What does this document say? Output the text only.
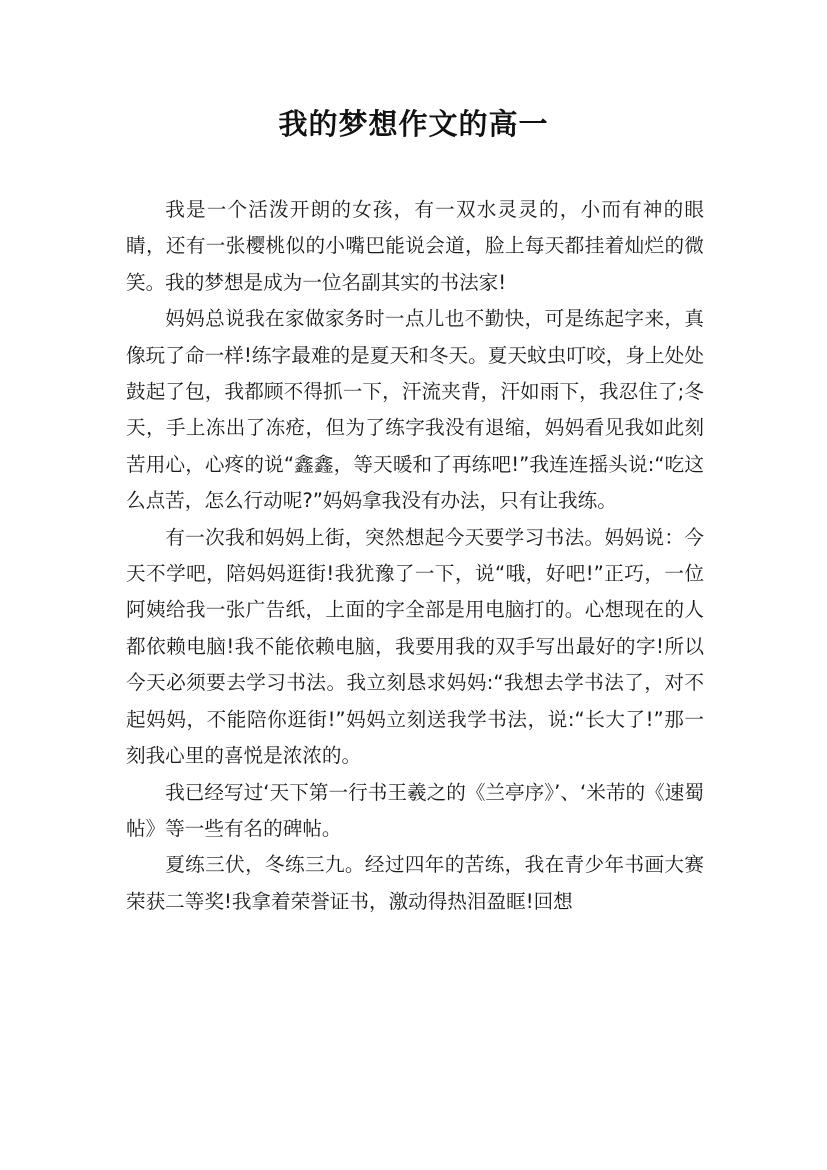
我的梦想作文的高一

我是一个活泼开朗的女孩，有一双水灵灵的，小而有神的眼睛，还有一张樱桃似的小嘴巴能说会道，脸上每天都挂着灿烂的微笑。我的梦想是成为一位名副其实的书法家!

妈妈总说我在家做家务时一点儿也不勤快，可是练起字来，真像玩了命一样!练字最难的是夏天和冬天。夏天蚊虫叮咬，身上处处鼓起了包，我都顾不得抓一下，汗流夹背，汗如雨下，我忍住了;冬天，手上冻出了冻疮，但为了练字我没有退缩，妈妈看见我如此刻苦用心，心疼的说“鑫鑫，等天暖和了再练吧!”我连连摇头说:“吃这么点苦，怎么行动呢?”妈妈拿我没有办法，只有让我练。

有一次我和妈妈上街，突然想起今天要学习书法。妈妈说：今天不学吧，陪妈妈逛街!我犹豫了一下，说“哦，好吧!”正巧，一位阿姨给我一张广告纸，上面的字全部是用电脑打的。心想现在的人都依赖电脑!我不能依赖电脑，我要用我的双手写出最好的字!所以今天必须要去学习书法。我立刻恳求妈妈:“我想去学书法了，对不起妈妈，不能陪你逛街!”妈妈立刻送我学书法，说:“长大了!”那一刻我心里的喜悦是浓浓的。

我已经写过‘天下第一行书王羲之的《兰亭序》’、‘米芾的《速蜀帖》等一些有名的碑帖。

夏练三伏，冬练三九。经过四年的苦练，我在青少年书画大赛荣获二等奖!我拿着荣誉证书，激动得热泪盈眶!回想
